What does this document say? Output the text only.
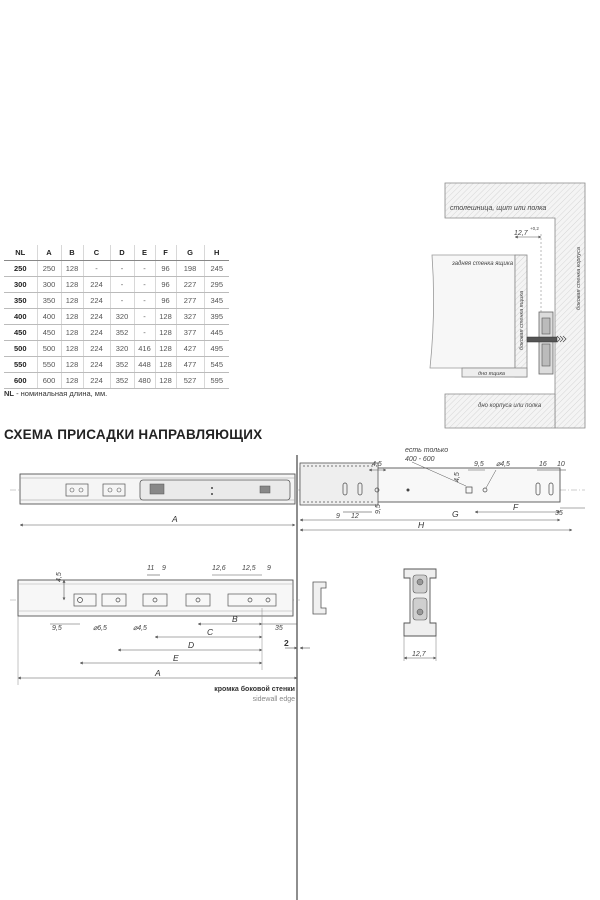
NL	A	B	C	D	E	F	G	H
250	250	128	-	-	-	96	198	245
300	300	128	224	-	-	96	227	295
350	350	128	224	-	-	96	277	345
400	400	128	224	320	-	128	327	395
450	450	128	224	352	-	128	377	445
500	500	128	224	320	416	128	427	495
550	550	128	224	352	448	128	477	545
600	600	128	224	352	480	128	527	595
NL - номинальная длина, мм.
СХЕМА ПРИСАДКИ НАПРАВЛЯЮЩИХ
столешница, щит или полка
12,7
+0,2
задняя стенка ящика
боковая стенка ящика
боковая стенка корпуса
дно ящика
дно корпуса или полка
A	G
H
F
есть только
400 - 600
4,5
4,5
9,5 ⌀4,5	16 10
9 12
9,5	35
A
E
D
C
B
4,5
11 9	12,6 12,5 9
9,5	⌀6,5	⌀4,5	35
2
кромка боковой стенки
sidewall edge
12,7
